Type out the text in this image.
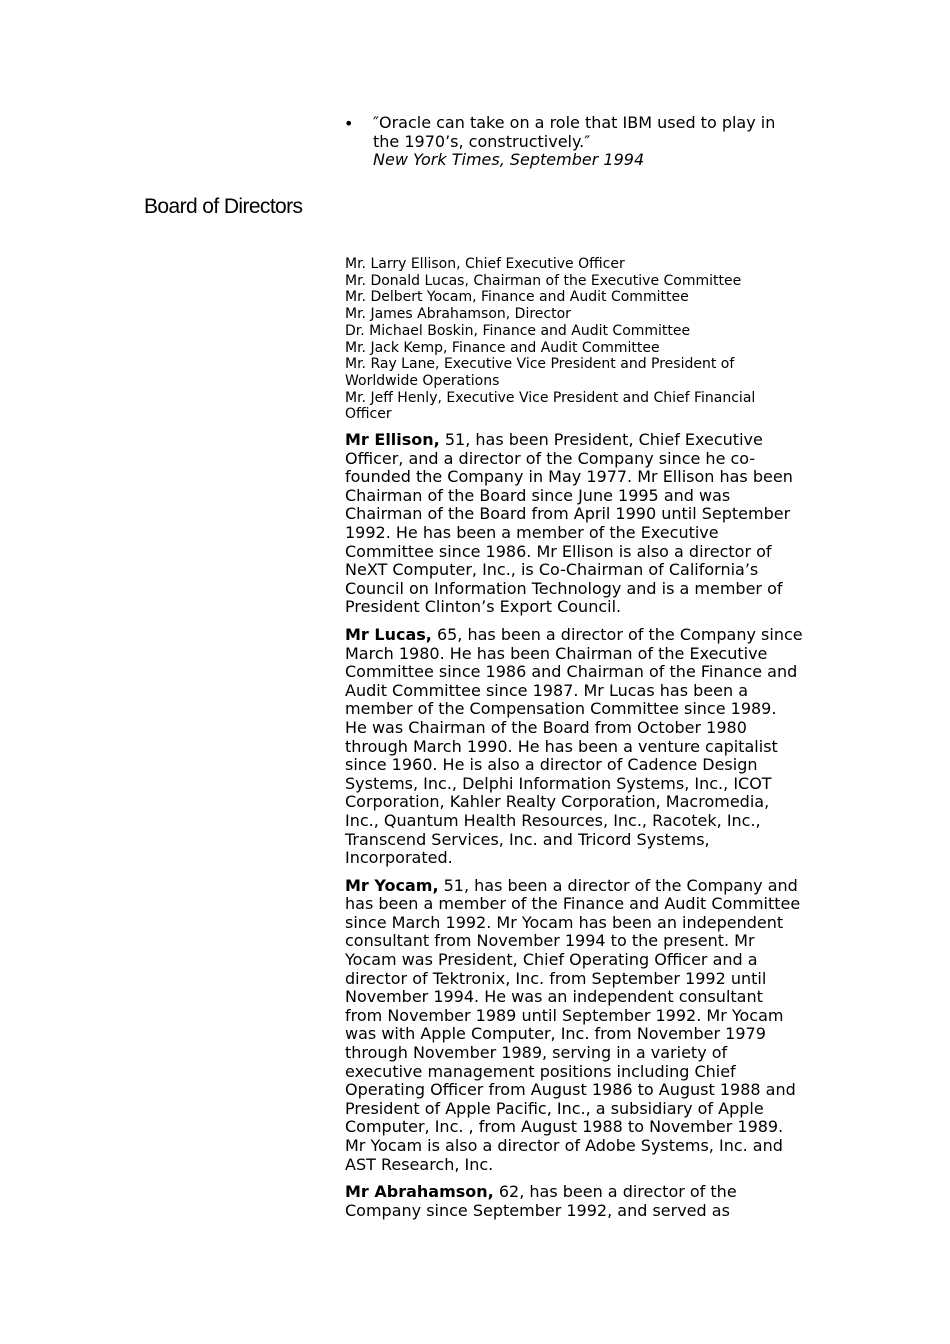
• ″Oracle can take on a role that IBM used to play in the 1970’s, constructively.″
New York Times, September 1994
Board of Directors
Mr. Larry Ellison, Chief Executive Officer
Mr. Donald Lucas, Chairman of the Executive Committee
Mr. Delbert Yocam, Finance and Audit Committee
Mr. James Abrahamson, Director
Dr. Michael Boskin, Finance and Audit Committee
Mr. Jack Kemp, Finance and Audit Committee
Mr. Ray Lane, Executive Vice President and President of Worldwide Operations
Mr. Jeff Henly, Executive Vice President and Chief Financial Officer

Mr Ellison, 51, has been President, Chief Executive Officer, and a director of the Company since he co-founded the Company in May 1977. Mr Ellison has been Chairman of the Board since June 1995 and was Chairman of the Board from April 1990 until September 1992. He has been a member of the Executive Committee since 1986. Mr Ellison is also a director of NeXT Computer, Inc., is Co-Chairman of California’s Council on Information Technology and is a member of President Clinton’s Export Council.

Mr Lucas, 65, has been a director of the Company since March 1980. He has been Chairman of the Executive Committee since 1986 and Chairman of the Finance and Audit Committee since 1987. Mr Lucas has been a member of the Compensation Committee since 1989. He was Chairman of the Board from October 1980 through March 1990. He has been a venture capitalist since 1960. He is also a director of Cadence Design Systems, Inc., Delphi Information Systems, Inc., ICOT Corporation, Kahler Realty Corporation, Macromedia, Inc., Quantum Health Resources, Inc., Racotek, Inc., Transcend Services, Inc. and Tricord Systems, Incorporated.

Mr Yocam, 51, has been a director of the Company and has been a member of the Finance and Audit Committee since March 1992. Mr Yocam has been an independent consultant from November 1994 to the present. Mr Yocam was President, Chief Operating Officer and a director of Tektronix, Inc. from September 1992 until November 1994. He was an independent consultant from November 1989 until September 1992. Mr Yocam was with Apple Computer, Inc. from November 1979 through November 1989, serving in a variety of executive management positions including Chief Operating Officer from August 1986 to August 1988 and President of Apple Pacific, Inc., a subsidiary of Apple Computer, Inc. , from August 1988 to November 1989. Mr Yocam is also a director of Adobe Systems, Inc. and AST Research, Inc.

Mr Abrahamson, 62, has been a director of the Company since September 1992, and served as
